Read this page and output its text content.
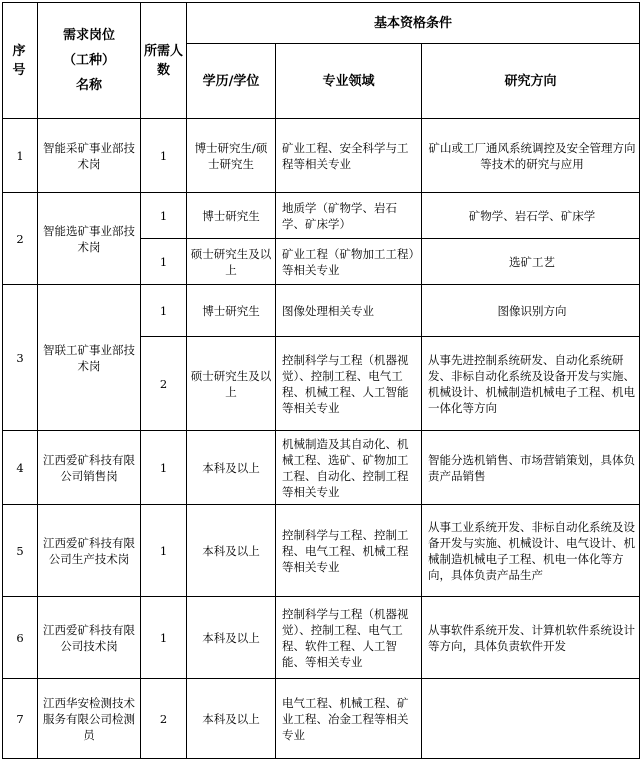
序号	需求岗位
（工种）
名称	所需人数	基本资格条件		
			学历/学位	专业领域	研究方向
1	智能采矿事业部技术岗	1	博士研究生/硕士研究生	矿业工程、安全科学与工程等相关专业	矿山或工厂通风系统调控及安全管理方向等技术的研究与应用
2	智能选矿事业部技术岗	1	博士研究生	地质学（矿物学、岩石学、矿床学）	矿物学、岩石学、矿床学
		1	硕士研究生及以上	矿业工程（矿物加工工程）等相关专业	选矿工艺
3	智联工矿事业部技术岗	1	博士研究生	图像处理相关专业	图像识别方向
		2	硕士研究生及以上	控制科学与工程（机器视觉）、控制工程、电气工程、机械工程、人工智能等相关专业	从事先进控制系统研发、自动化系统研发、非标自动化系统及设备开发与实施、机械设计、机械制造机械电子工程、机电一体化等方向
4	江西爱矿科技有限公司销售岗	1	本科及以上	机械制造及其自动化、机械工程、选矿、矿物加工工程、自动化、控制工程等相关专业	智能分选机销售、市场营销策划，具体负责产品销售
5	江西爱矿科技有限公司生产技术岗	1	本科及以上	控制科学与工程、控制工程、电气工程、机械工程等相关专业	从事工业系统开发、非标自动化系统及设备开发与实施、机械设计、电气设计、机械制造机械电子工程、机电一体化等方向，具体负责产品生产
6	江西爱矿科技有限公司技术岗	1	本科及以上	控制科学与工程（机器视觉）、控制工程、电气工程、软件工程、人工智能、等相关专业	从事软件系统开发、计算机软件系统设计等方向，具体负责软件开发
7	江西华安检测技术服务有限公司检测员	2	本科及以上	电气工程、机械工程、矿业工程、冶金工程等相关专业	
